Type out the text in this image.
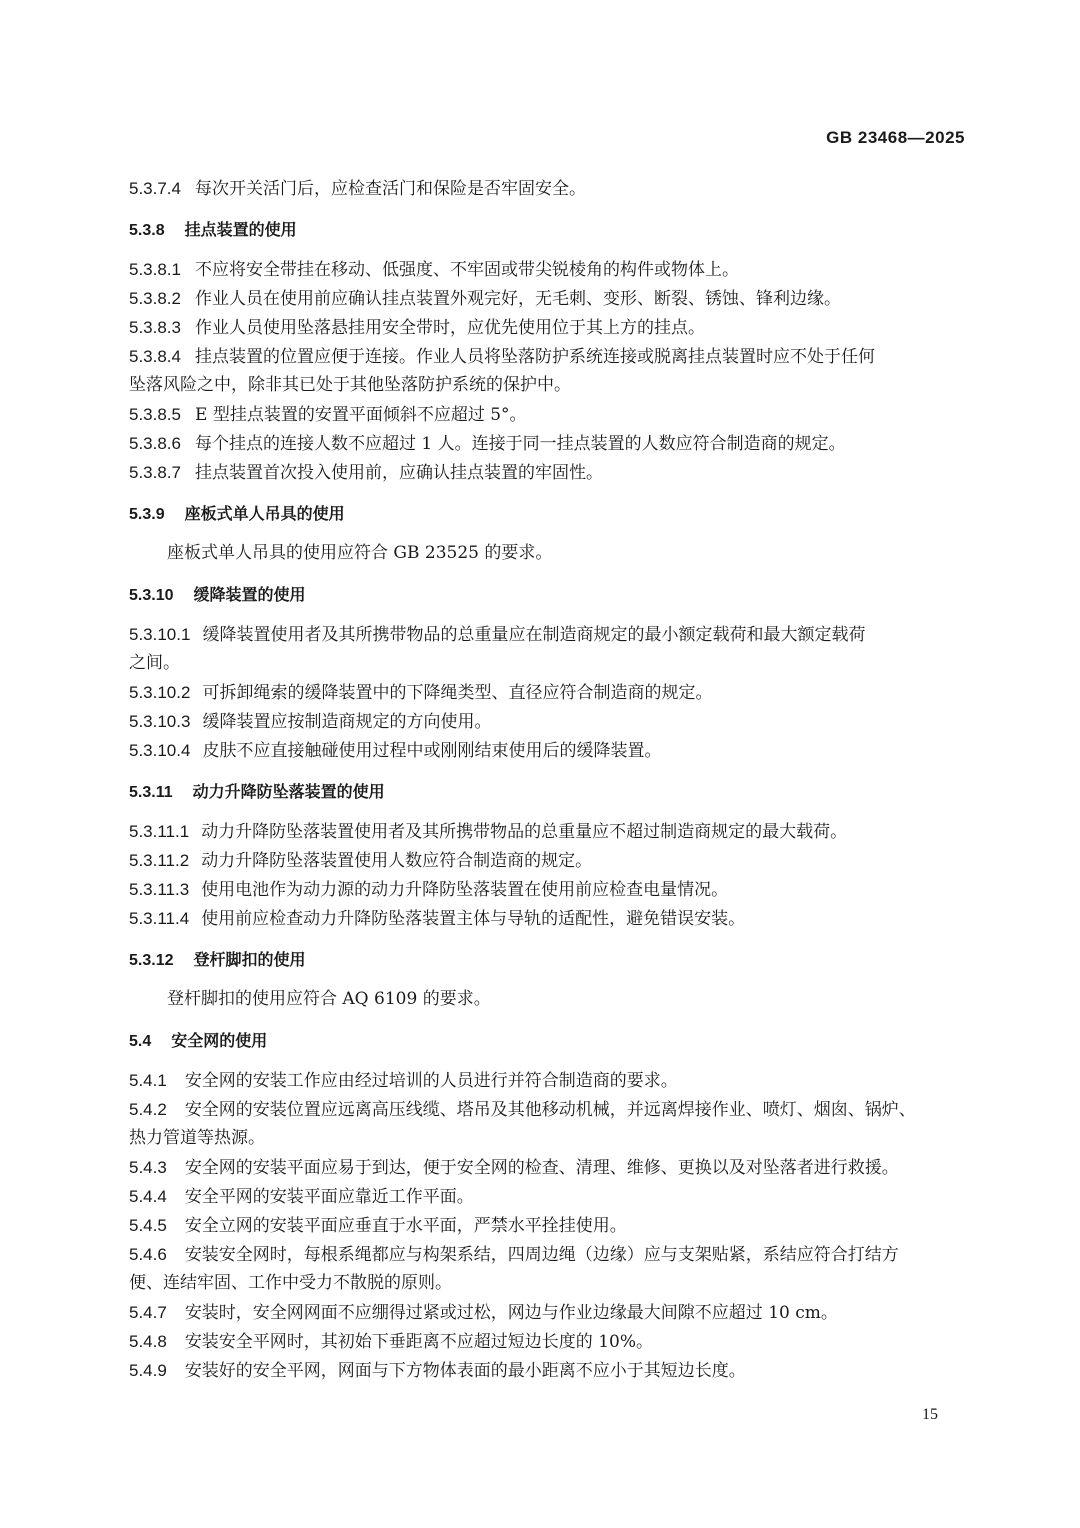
GB 23468—2025
5.3.7.4 每次开关活门后，应检查活门和保险是否牢固安全。
5.3.8 挂点装置的使用
5.3.8.1 不应将安全带挂在移动、低强度、不牢固或带尖锐棱角的构件或物体上。
5.3.8.2 作业人员在使用前应确认挂点装置外观完好，无毛刺、变形、断裂、锈蚀、锋利边缘。
5.3.8.3 作业人员使用坠落悬挂用安全带时，应优先使用位于其上方的挂点。
5.3.8.4 挂点装置的位置应便于连接。作业人员将坠落防护系统连接或脱离挂点装置时应不处于任何
坠落风险之中，除非其已处于其他坠落防护系统的保护中。
5.3.8.5 E 型挂点装置的安置平面倾斜不应超过 5°。
5.3.8.6 每个挂点的连接人数不应超过 1 人。连接于同一挂点装置的人数应符合制造商的规定。
5.3.8.7 挂点装置首次投入使用前，应确认挂点装置的牢固性。
5.3.9 座板式单人吊具的使用
座板式单人吊具的使用应符合 GB 23525 的要求。
5.3.10 缓降装置的使用
5.3.10.1 缓降装置使用者及其所携带物品的总重量应在制造商规定的最小额定载荷和最大额定载荷
之间。
5.3.10.2 可拆卸绳索的缓降装置中的下降绳类型、直径应符合制造商的规定。
5.3.10.3 缓降装置应按制造商规定的方向使用。
5.3.10.4 皮肤不应直接触碰使用过程中或刚刚结束使用后的缓降装置。
5.3.11 动力升降防坠落装置的使用
5.3.11.1 动力升降防坠落装置使用者及其所携带物品的总重量应不超过制造商规定的最大载荷。
5.3.11.2 动力升降防坠落装置使用人数应符合制造商的规定。
5.3.11.3 使用电池作为动力源的动力升降防坠落装置在使用前应检查电量情况。
5.3.11.4 使用前应检查动力升降防坠落装置主体与导轨的适配性，避免错误安装。
5.3.12 登杆脚扣的使用
登杆脚扣的使用应符合 AQ 6109 的要求。
5.4 安全网的使用
5.4.1 安全网的安装工作应由经过培训的人员进行并符合制造商的要求。
5.4.2 安全网的安装位置应远离高压线缆、塔吊及其他移动机械，并远离焊接作业、喷灯、烟囱、锅炉、
热力管道等热源。
5.4.3 安全网的安装平面应易于到达，便于安全网的检查、清理、维修、更换以及对坠落者进行救援。
5.4.4 安全平网的安装平面应靠近工作平面。
5.4.5 安全立网的安装平面应垂直于水平面，严禁水平拴挂使用。
5.4.6 安装安全网时，每根系绳都应与构架系结，四周边绳（边缘）应与支架贴紧，系结应符合打结方
便、连结牢固、工作中受力不散脱的原则。
5.4.7 安装时，安全网网面不应绷得过紧或过松，网边与作业边缘最大间隙不应超过 10 cm。
5.4.8 安装安全平网时，其初始下垂距离不应超过短边长度的 10%。
5.4.9 安装好的安全平网，网面与下方物体表面的最小距离不应小于其短边长度。
15
